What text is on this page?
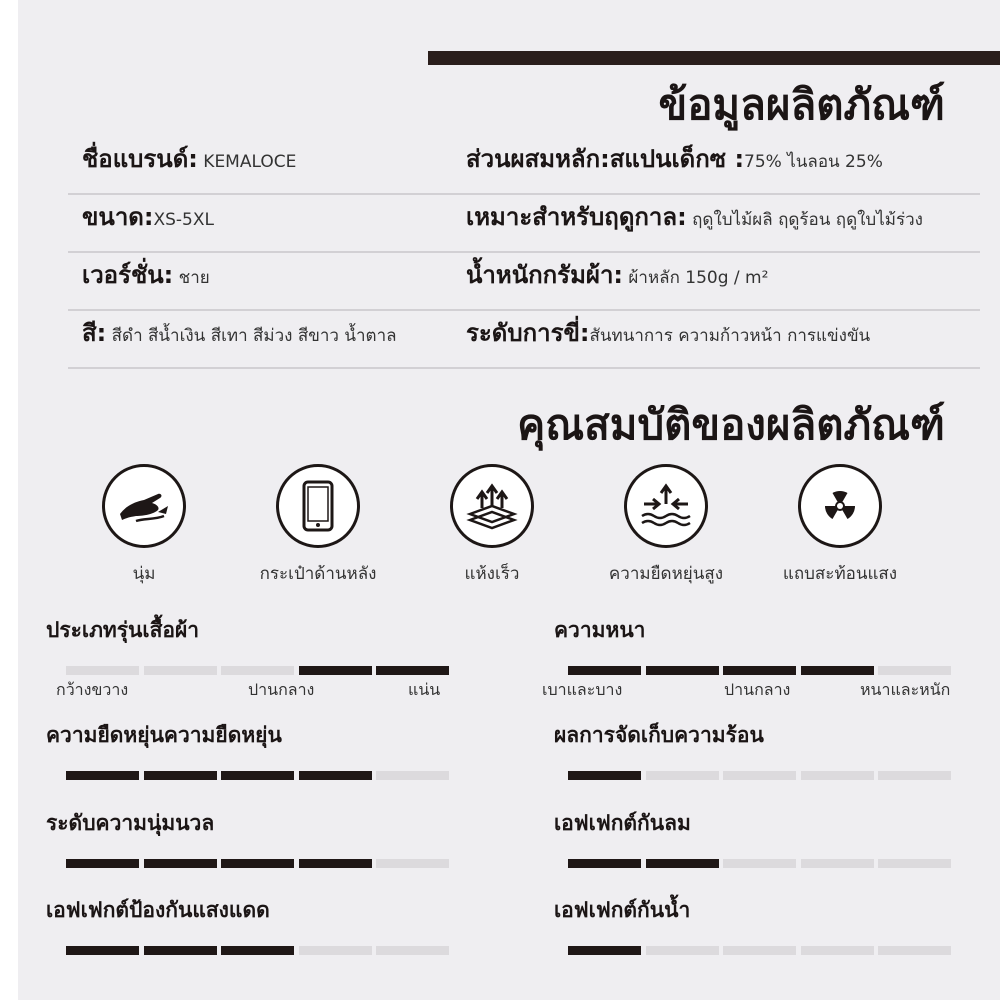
ข้อมูลผลิตภัณฑ์
ชื่อแบรนด์: KEMALOCE	ส่วนผสมหลัก:สแปนเด็กซ :75% ไนลอน 25%
ขนาด:XS-5XL	เหมาะสำหรับฤดูกาล: ฤดูใบไม้ผลิ ฤดูร้อน ฤดูใบไม้ร่วง
เวอร์ชั่น: ชาย	น้ำหนักกรัมผ้า: ผ้าหลัก 150g / m²
สี: สีดำ สีน้ำเงิน สีเทา สีม่วง สีขาว น้ำตาล	ระดับการขี่:สันทนาการ ความก้าวหน้า การแข่งขัน
คุณสมบัติของผลิตภัณฑ์
นุ่ม	กระเป๋าด้านหลัง	แห้งเร็ว	ความยืดหยุ่นสูง	แถบสะท้อนแสง
ประเภทรุ่นเสื้อผ้า
กว้างขวาง	ปานกลาง	แน่น
ความหนา
เบาและบาง	ปานกลาง	หนาและหนัก
ความยืดหยุ่นความยืดหยุ่น	ผลการจัดเก็บความร้อน
ระดับความนุ่มนวล	เอฟเฟกต์กันลม
เอฟเฟกต์ป้องกันแสงแดด	เอฟเฟกต์กันน้ำ
